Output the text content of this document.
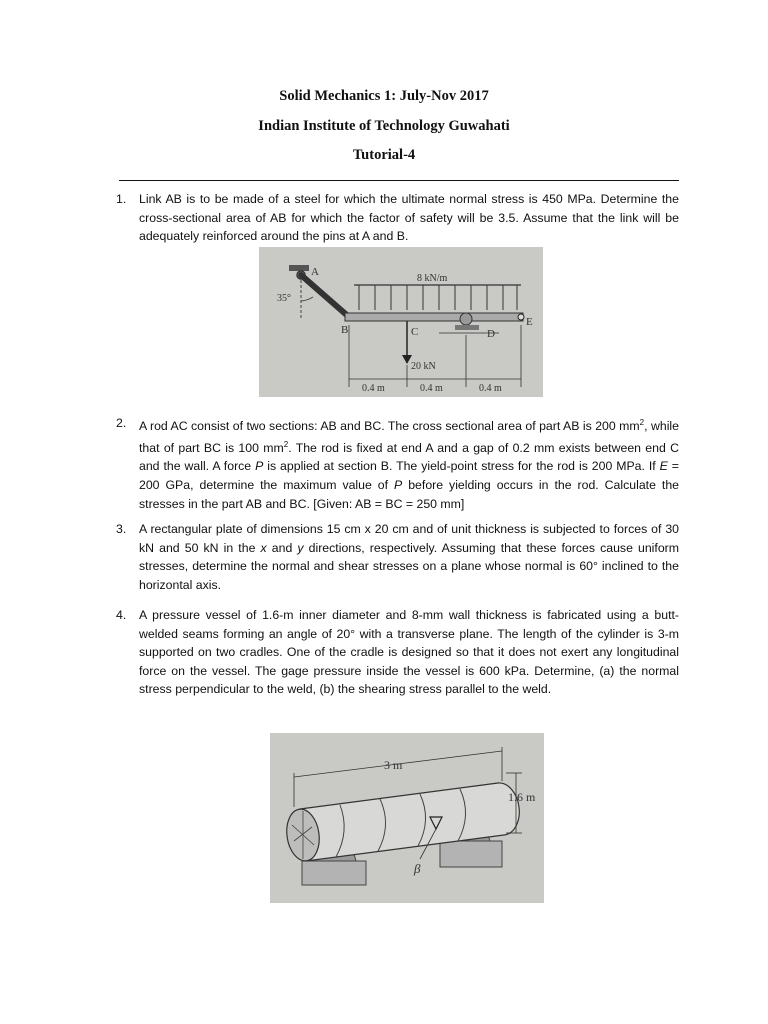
Solid Mechanics 1: July-Nov 2017
Indian Institute of Technology Guwahati
Tutorial-4
1. Link AB is to be made of a steel for which the ultimate normal stress is 450 MPa. Determine the cross-sectional area of AB for which the factor of safety will be 3.5. Assume that the link will be adequately reinforced around the pins at A and B.
A
B	C	D
E
35°
8 kN/m
20 kN
0.4 m	0.4 m	0.4 m
2. A rod AC consist of two sections: AB and BC. The cross sectional area of part AB is 200 $mm^2$, while that of part BC is 100 $mm^2$. The rod is fixed at end A and a gap of 0.2 mm exists between end C and the wall. A force P is applied at section B. The yield-point stress for the rod is 200 MPa. If E = 200 GPa, determine the maximum value of P before yielding occurs in the rod. Calculate the stresses in the part AB and BC. [Given: AB = BC = 250 mm]
3. A rectangular plate of dimensions 15 cm x 20 cm and of unit thickness is subjected to forces of 30 kN and 50 kN in the x and y directions, respectively. Assuming that these forces cause uniform stresses, determine the normal and shear stresses on a plane whose normal is 60° inclined to the horizontal axis.
4. A pressure vessel of 1.6-m inner diameter and 8-mm wall thickness is fabricated using a butt-welded seams forming an angle of 20° with a transverse plane. The length of the cylinder is 3-m supported on two cradles. One of the cradle is designed so that it does not exert any longitudinal force on the vessel. The gage pressure inside the vessel is 600 kPa. Determine, (a) the normal stress perpendicular to the weld, (b) the shearing stress parallel to the weld.
3 m
1.6 m
β
